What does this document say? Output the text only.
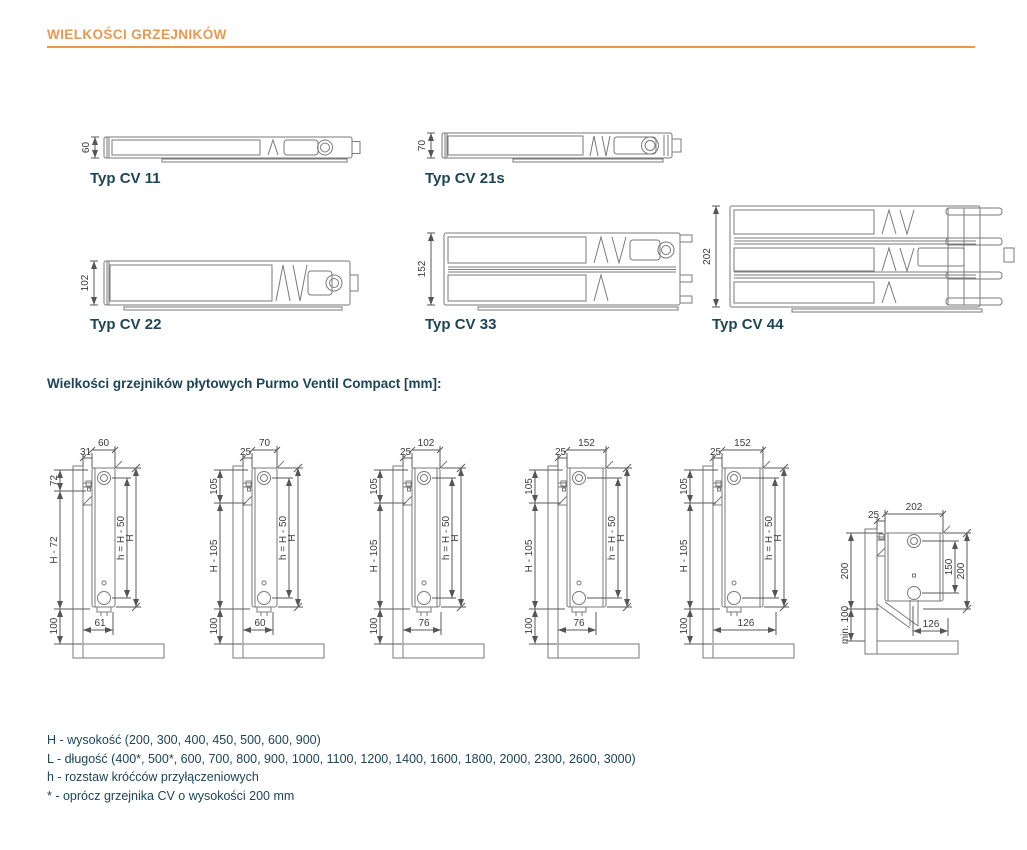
WIELKOŚCI GRZEJNIKÓW
60
Typ CV 11
70
Typ CV 21s
102
Typ CV 22
152
Typ CV 33
202
Typ CV 44
Wielkości grzejników płytowych Purmo Ventil Compact [mm]:
60
31
72
H - 72
100
h = H - 50
H
61
70
25
105
H - 105
100
h = H - 50
H
60
102
25
105
H - 105
100
h = H - 50
H
76
152
25
105
H - 105
100
h = H - 50
H
76
152
25
105
H - 105
100
h = H - 50
H
126
202
25
200
min. 100
150 200
126
H - wysokość (200, 300, 400, 450, 500, 600, 900)
L - długość (400*, 500*, 600, 700, 800, 900, 1000, 1100, 1200, 1400, 1600, 1800, 2000, 2300, 2600, 3000)
h - rozstaw króćców przyłączeniowych
* - oprócz grzejnika CV o wysokości 200 mm
